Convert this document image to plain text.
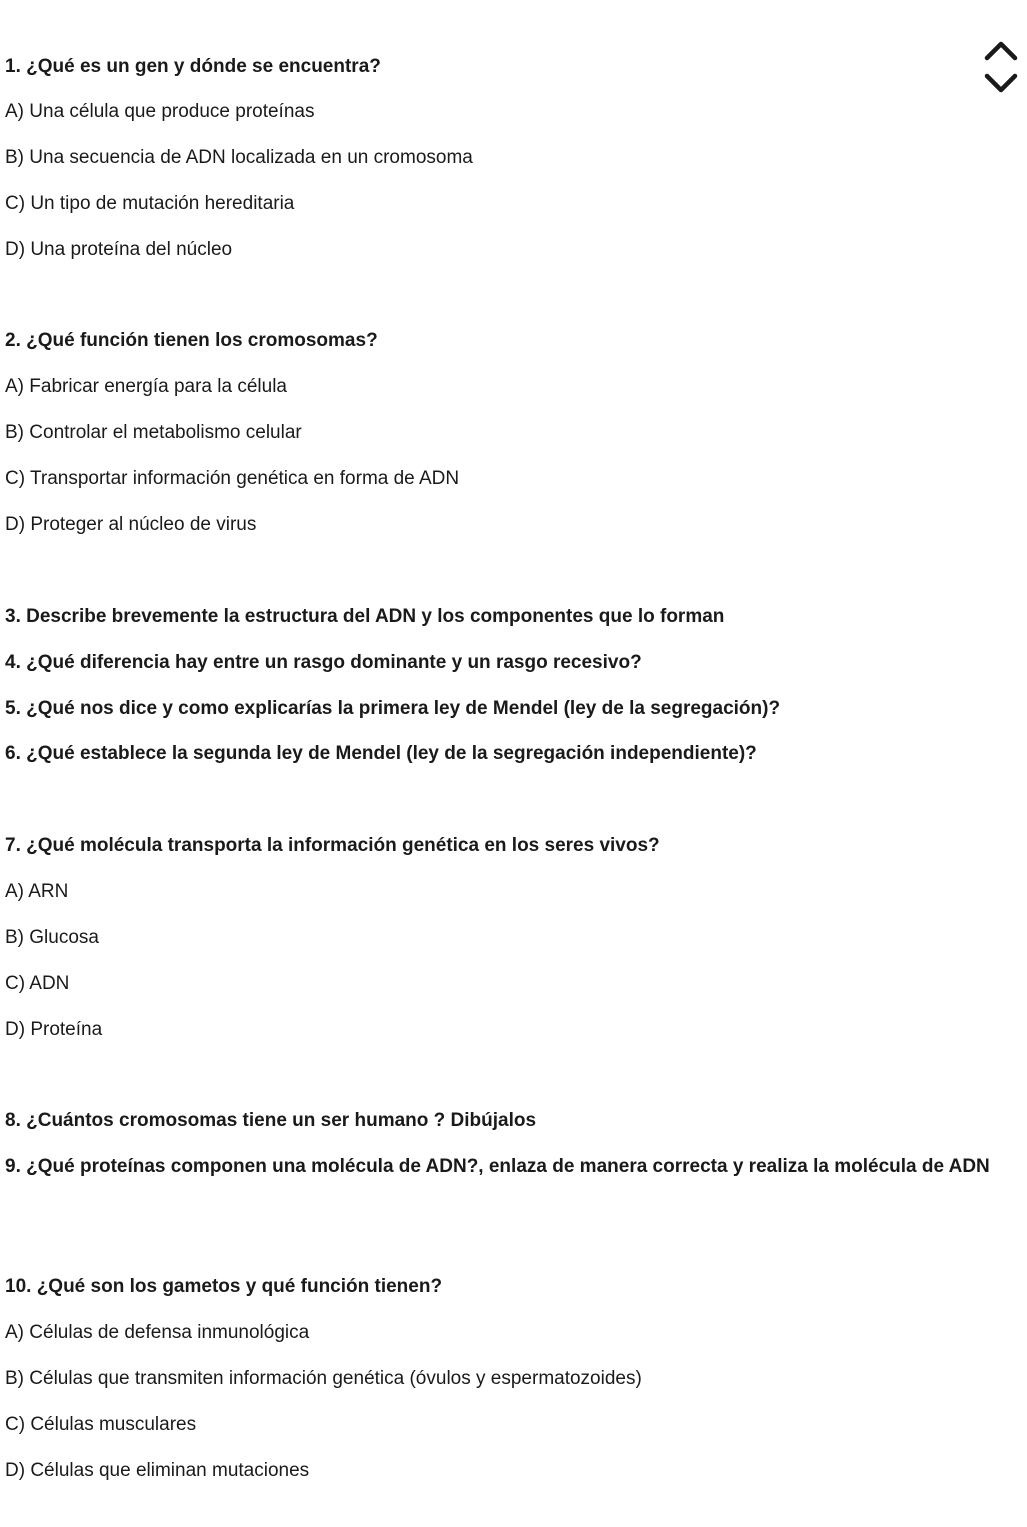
1. ¿Qué es un gen y dónde se encuentra?
A) Una célula que produce proteínas
B) Una secuencia de ADN localizada en un cromosoma
C) Un tipo de mutación hereditaria
D) Una proteína del núcleo
2. ¿Qué función tienen los cromosomas?
A) Fabricar energía para la célula
B) Controlar el metabolismo celular
C) Transportar información genética en forma de ADN
D) Proteger al núcleo de virus
3. Describe brevemente la estructura del ADN y los componentes que lo forman
4. ¿Qué diferencia hay entre un rasgo dominante y un rasgo recesivo?
5. ¿Qué nos dice y como explicarías la primera ley de Mendel (ley de la segregación)?
6. ¿Qué establece la segunda ley de Mendel (ley de la segregación independiente)?
7. ¿Qué molécula transporta la información genética en los seres vivos?
A) ARN
B) Glucosa
C) ADN
D) Proteína
8. ¿Cuántos cromosomas tiene un ser humano ? Dibújalos
9. ¿Qué proteínas componen una molécula de ADN?, enlaza de manera correcta y realiza la molécula de ADN
10. ¿Qué son los gametos y qué función tienen?
A) Células de defensa inmunológica
B) Células que transmiten información genética (óvulos y espermatozoides)
C) Células musculares
D) Células que eliminan mutaciones
